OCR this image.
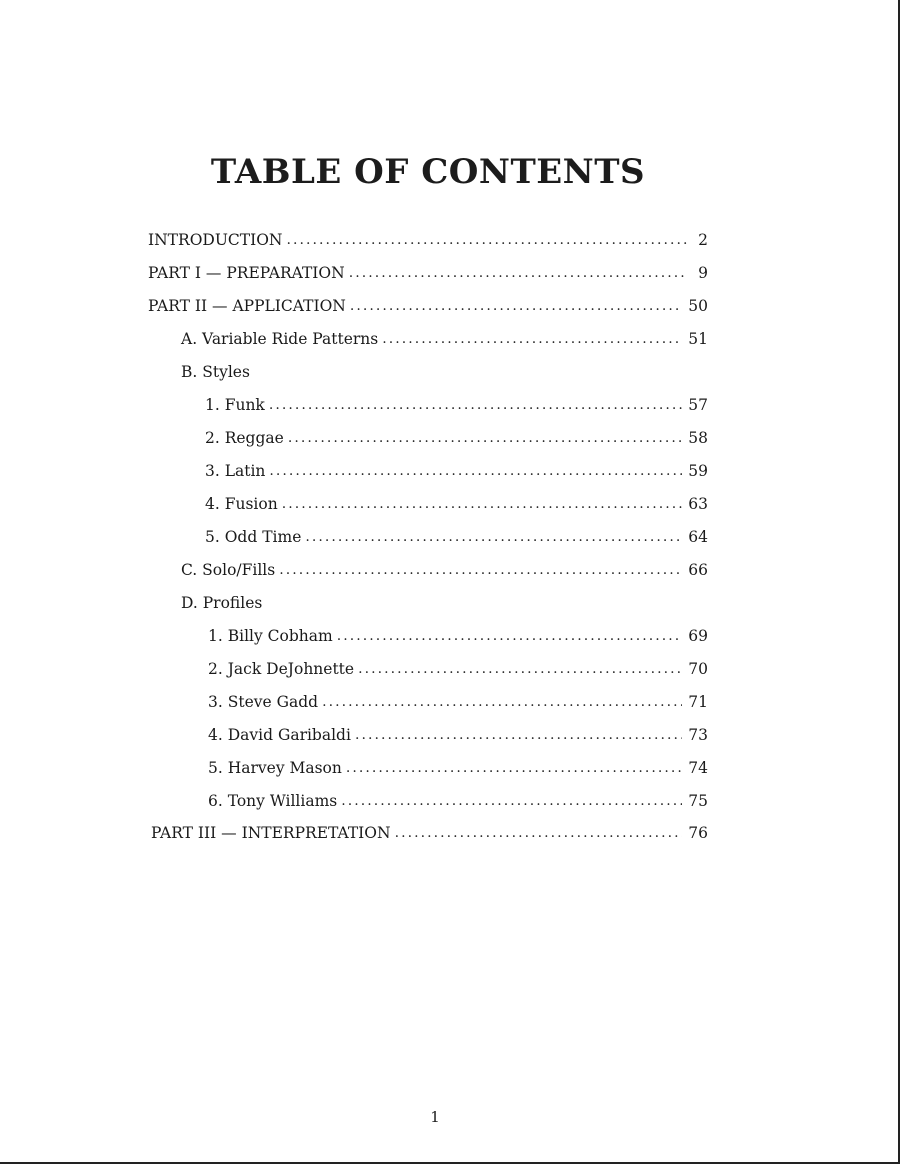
TABLE OF CONTENTS
INTRODUCTION . . .	2
PART I — PREPARATION . . .	9
PART II — APPLICATION . . .	50
A. Variable Ride Patterns . . .	51
B. Styles
1. Funk . . .	57
2. Reggae . . .	58
3. Latin . . .	59
4. Fusion . . .	63
5. Odd Time . . .	64
C. Solo/Fills . . .	66
D. Profiles
1. Billy Cobham . . .	69
2. Jack DeJohnette . . .	70
3. Steve Gadd . . .	71
4. David Garibaldi . . .	73
5. Harvey Mason . . .	74
6. Tony Williams . . .	75
PART III — INTERPRETATION . . .	76
1
